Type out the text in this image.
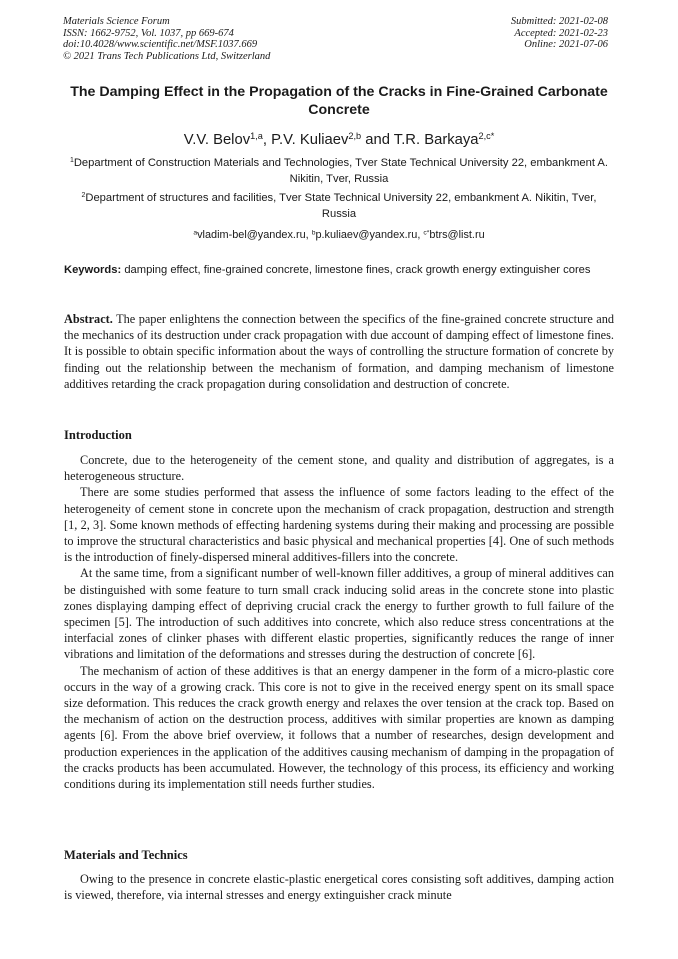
Materials Science Forum
ISSN: 1662-9752, Vol. 1037, pp 669-674
doi:10.4028/www.scientific.net/MSF.1037.669
© 2021 Trans Tech Publications Ltd, Switzerland
Submitted: 2021-02-08
Accepted: 2021-02-23
Online: 2021-07-06
The Damping Effect in the Propagation of the Cracks in Fine-Grained Carbonate Concrete
V.V. Belov$^{1,a}$, P.V. Kuliaev$^{2,b}$ and T.R. Barkaya$^{2,c*}$
$^1$Department of Construction Materials and Technologies, Tver State Technical University 22, embankment A. Nikitin, Tver, Russia
$^2$Department of structures and facilities, Tver State Technical University 22, embankment A. Nikitin, Tver, Russia
$^a$vladim-bel@yandex.ru, $^b$p.kuliaev@yandex.ru, $^{c*}$btrs@list.ru
Keywords: damping effect, fine-grained concrete, limestone fines, crack growth energy extinguisher cores
Abstract. The paper enlightens the connection between the specifics of the fine-grained concrete structure and the mechanics of its destruction under crack propagation with due account of damping effect of limestone fines. It is possible to obtain specific information about the ways of controlling the structure formation of concrete by finding out the relationship between the mechanism of formation, and damping mechanism of limestone additives retarding the crack propagation during consolidation and destruction of concrete.
Introduction

Concrete, due to the heterogeneity of the cement stone, and quality and distribution of aggregates, is a heterogeneous structure.

There are some studies performed that assess the influence of some factors leading to the effect of the heterogeneity of cement stone in concrete upon the mechanism of crack propagation, destruction and strength [1, 2, 3]. Some known methods of effecting hardening systems during their making and processing are possible to improve the structural characteristics and basic physical and mechanical properties [4]. One of such methods is the introduction of finely-dispersed mineral additives-fillers into the concrete.

At the same time, from a significant number of well-known filler additives, a group of mineral additives can be distinguished with some feature to turn small crack inducing solid areas in the concrete stone into plastic zones displaying damping effect of depriving crucial crack the energy to further growth to full failure of the specimen [5]. The introduction of such additives into concrete, which also reduce stress concentrations at the interfacial zones of clinker phases with different elastic properties, significantly reduces the range of inner vibrations and limitation of the deformations and stresses during the destruction of concrete [6].

The mechanism of action of these additives is that an energy dampener in the form of a micro-plastic core occurs in the way of a growing crack. This core is not to give in the received energy spent on its small space size deformation. This reduces the crack growth energy and relaxes the over tension at the crack top. Based on the mechanism of action on the destruction process, additives with similar properties are known as damping agents [6]. From the above brief overview, it follows that a number of researches, design development and production experiences in the application of the additives causing mechanism of damping in the propagation of the cracks products has been accumulated. However, the technology of this process, its efficiency and working conditions during its implementation still needs further studies.

Materials and Technics

Owing to the presence in concrete elastic-plastic energetical cores consisting soft additives, damping action is viewed, therefore, via internal stresses and energy extinguisher crack minute
